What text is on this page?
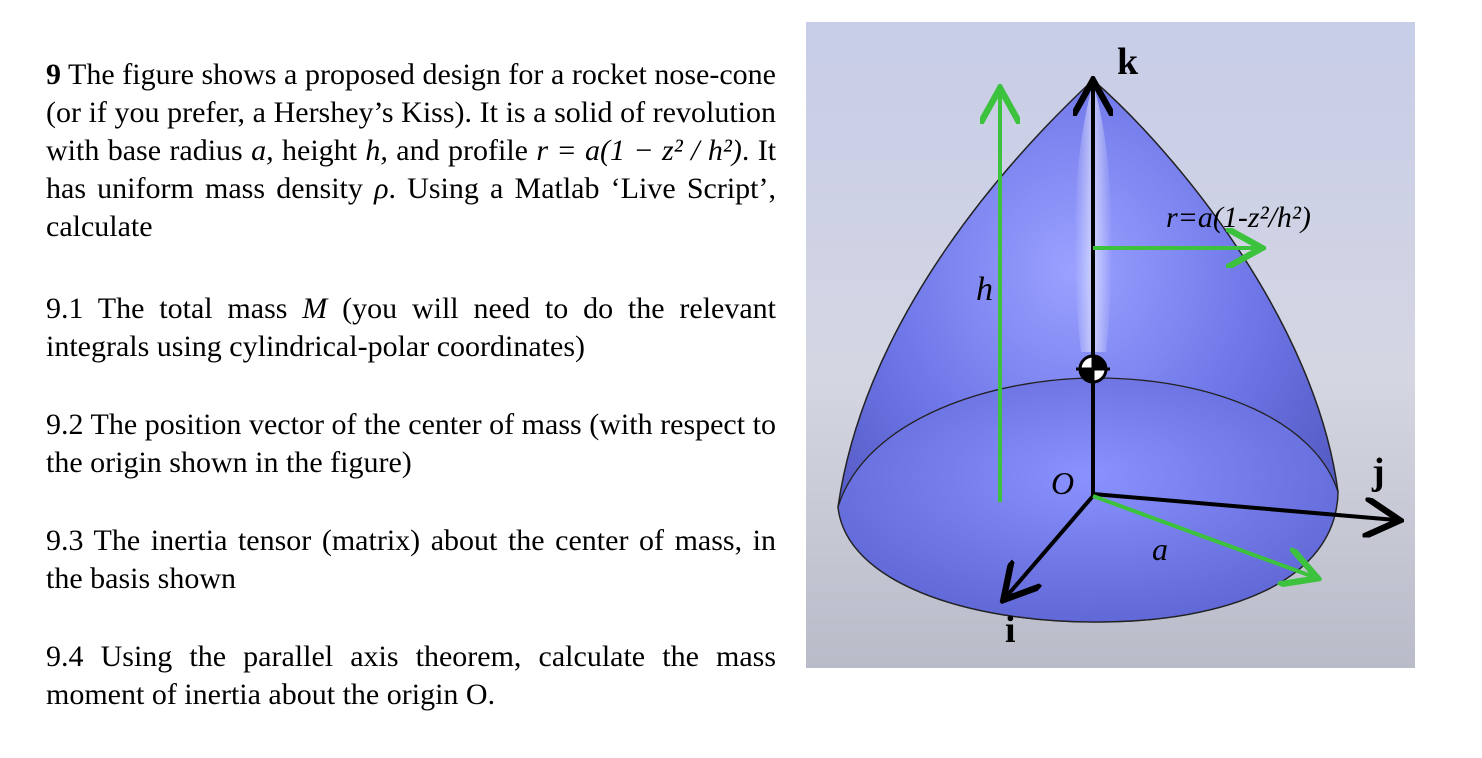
9 The figure shows a proposed design for a rocket nose-cone (or if you prefer, a Hershey’s Kiss). It is a solid of revolution with base radius a, height h, and profile r = a(1 − z² / h²). It has uniform mass density ρ. Using a Matlab ‘Live Script’, calculate

9.1 The total mass M (you will need to do the relevant integrals using cylindrical-polar coordinates)

9.2 The position vector of the center of mass (with respect to the origin shown in the figure)

9.3 The inertia tensor (matrix) about the center of mass, in the basis shown

9.4 Using the parallel axis theorem, calculate the mass moment of inertia about the origin O.

k
j
i
h
O
a
r=a(1-z²/h²)
